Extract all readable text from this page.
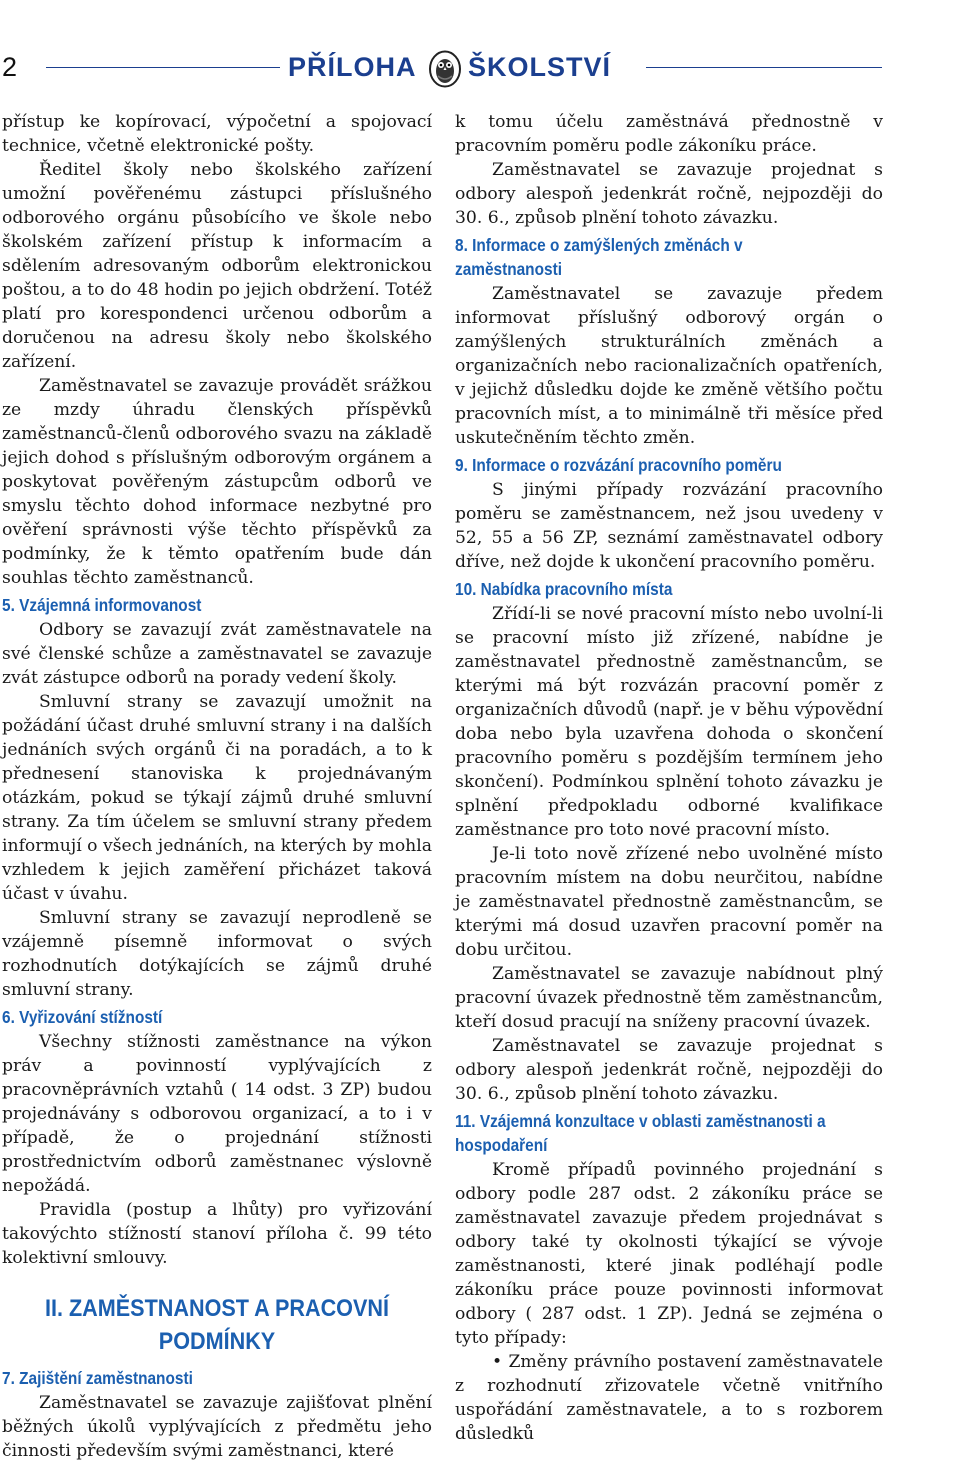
2	PŘÍLOHA ŠKOLSTVÍ

přístup ke kopírovací, výpočetní a spojovací techn​ice, včetně elektronické pošty.

Ředitel školy nebo školského zařízení umožní pověřenému zástupci příslušného odborového orgánu působícího ve škole nebo školském zařízení přístup k informacím a sdělením adresovaným odborům elektronickou poštou, a to do 48 hodin po jejich obdržení. Totéž platí pro korespondenci určenou odborům a doručenou na adresu školy nebo školského zařízení.

Zaměstnavatel se zavazuje provádět srážkou ze mzdy úhradu členských příspěvků zaměstnanců-členů odborového svazu na základě jejich dohod s příslušným odborovým orgánem a poskytovat pověřeným zástupcům odborů ve smyslu těchto dohod informace nezbytné pro ověření správnosti výše těchto příspěvků za podmínky, že k těmto opatřením bude dán souhlas těchto zaměstnanců.

5. Vzájemná informovanost

Odbory se zavazují zvát zaměstnavatele na své členské schůze a zaměstnavatel se zavazuje zvát zástupce odborů na porady vedení školy.

Smluvní strany se zavazují umožnit na požádání účast druhé smluvní strany i na dalších jednáních svých orgánů či na poradách, a to k přednesení stanoviska k projednávaným otázkám, pokud se týkají zájmů druhé smluvní strany. Za tím účelem se smluvní strany předem informují o všech jednáních, na kterých by mohla vzhledem k jejich zaměření přicházet taková účast v úvahu.

Smluvní strany se zavazují neprodleně se vzájemně písemně informovat o svých rozhodnutích dotýkajících se zájmů druhé smluvní strany.

6. Vyřizování stížností

Všechny stížnosti zaměstnance na výkon práv a povinností vyplývajících z pracovněprávních vztahů ( 14 odst. 3 ZP) budou projednávány s odborovou organizací, a to i v případě, že o projednání stížnosti prostřednictvím odborů zaměstnanec výslovně nepožádá.

Pravidla (postup a lhůty) pro vyřizování takovýchto stížností stanoví příloha č. 99 této kolektivní smlouvy.

II. ZAMĚSTNANOST A PRACOVNÍ PODMÍNKY
7. Zajištění zaměstnanosti

Zaměstnavatel se zavazuje zajišťovat plnění běžných úkolů vyplývajících z předmětu jeho činnosti především svými zaměstnanci, které

k tomu účelu zaměstnává přednostně v pracovním poměru podle zákoníku práce.

Zaměstnavatel se zavazuje projednat s odbory alespoň jedenkrát ročně, nejpozději do 30. 6., způsob plnění tohoto závazku.

8. Informace o zamýšlených změnách v zaměstnanosti

Zaměstnavatel se zavazuje předem informovat příslušný odborový orgán o zamýšlených strukturálních změnách a organizačních nebo racionalizačních opatřeních, v jejichž důsledku dojde ke změně většího počtu pracovních míst, a to minimálně tři měsíce před uskutečněním těchto změn.

9. Informace o rozvázání pracovního poměru

S jinými případy rozvázání pracovního poměru se zaměstnancem, než jsou uvedeny v 52, 55 a 56 ZP, seznámí zaměstnavatel odbory dříve, než dojde k ukončení pracovního poměru.

10. Nabídka pracovního místa

Zřídí-li se nové pracovní místo nebo uvolní-li se pracovní místo již zřízené, nabídne je zaměstnavatel přednostně zaměstnancům, se kterými má být rozvázán pracovní poměr z organizačních důvodů (např. je v běhu výpovědní doba nebo byla uzavřena dohoda o skončení pracovního poměru s pozdějším termínem jeho skončení). Podmínkou splnění tohoto závazku je splnění předpokladu odborné kvalifikace zaměstnance pro toto nové pracovní místo.

Je-li toto nově zřízené nebo uvolněné místo pracovním místem na dobu neurčitou, nabídne je zaměstnavatel přednostně zaměstnancům, se kterými má dosud uzavřen pracovní poměr na dobu určitou.

Zaměstnavatel se zavazuje nabídnout plný pracovní úvazek přednostně těm zaměstnancům, kteří dosud pracují na sníženy pracovní úvazek.

Zaměstnavatel se zavazuje projednat s odbory alespoň jedenkrát ročně, nejpozději do 30. 6., způsob plnění tohoto závazku.

11. Vzájemná konzultace v oblasti zaměstnanosti a hospodaření

Kromě případů povinného projednání s odbory podle 287 odst. 2 zákoníku práce se zaměstnavatel zavazuje předem projednávat s odbory také ty okolnosti týkající se vývoje zaměstnanosti, které jinak podléhají podle zákoníku práce pouze povinnosti informovat odbory ( 287 odst. 1 ZP). Jedná se zejména o tyto případy:

• Změny právního postavení zaměstnavatele z rozhodnutí zřizovatele včetně vnitřního uspořádání zaměstnavatele, a to s rozborem důsledků
